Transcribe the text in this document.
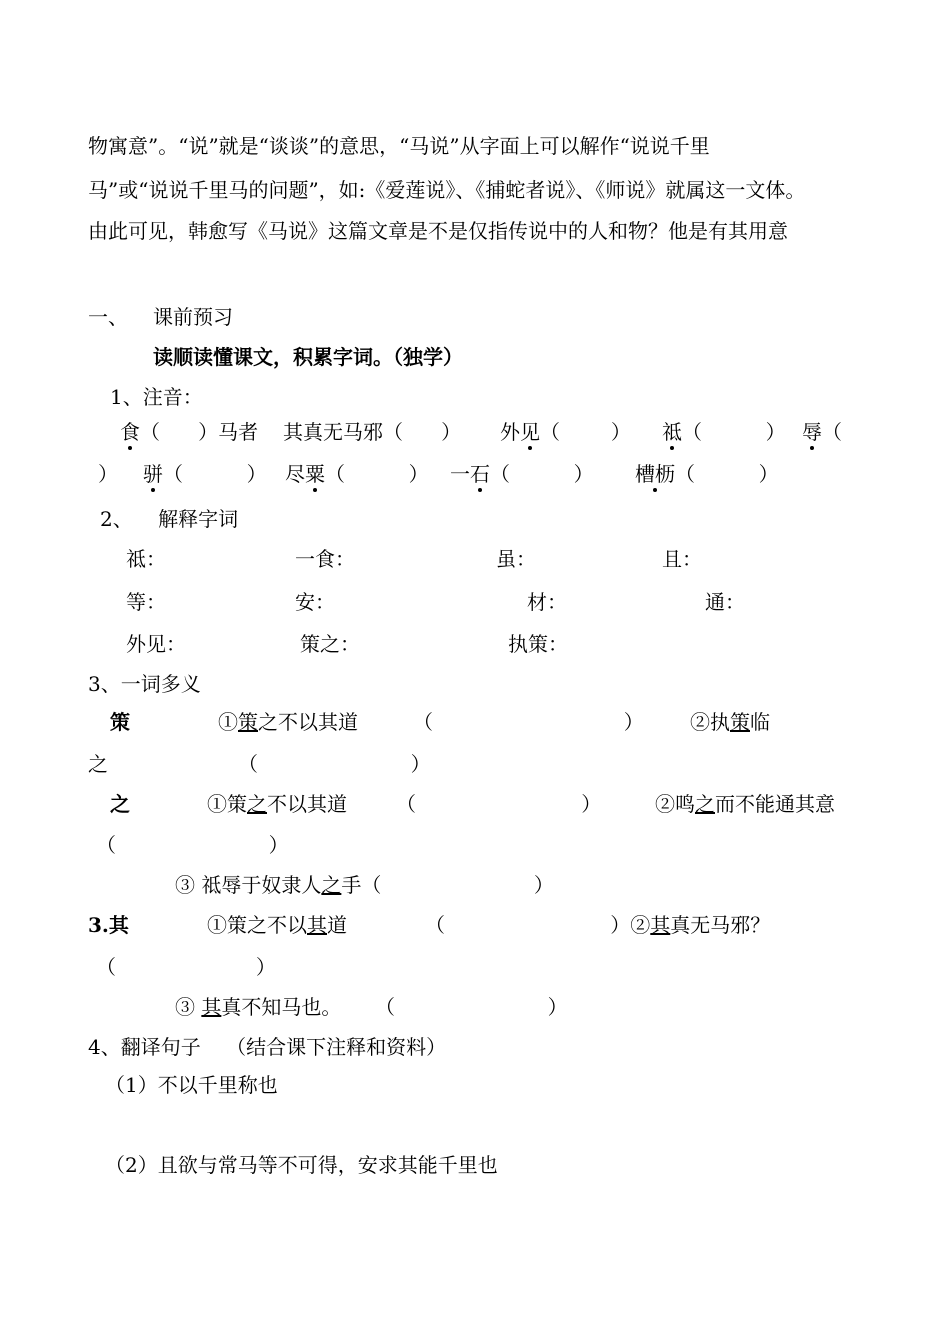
物寓意”。“说”就是“谈谈”的意思，“马说”从字面上可以解作“说说千里
马”或“说说千里马的问题”，如:《爱莲说》、《捕蛇者说》、《师说》就属这一文体。
由此可见，韩愈写《马说》这篇文章是不是仅指传说中的人和物？他是有其用意
一、 课前预习
读顺读懂课文，积累字词。（独学）
1、注音：
食（      ）马者 其真无马邪（      ） 外见（        ） 祗（          ） 辱（
） 骈（          ） 尽粟（          ） 一石（          ） 槽枥（          ）
2、    解释字词
祗：	一食：	虽：	且：
等：	安：	材：	通：
外见：	策之：	执策：
3、一词多义
策	①策之不以其道	（                              ） ②执策临
之	（                        ）
之	①策之不以其道 （                          ）	②鸣之而不能通其意
（                        ）
③ 祗辱于奴隶人之手（                        ）
3.其	①策之不以其道	（                          ）②其真无马邪？
（                      ）
③ 其真不知马也。 （                        ）
4、翻译句子    （结合课下注释和资料）
（1）不以千里称也
（2）且欲与常马等不可得，安求其能千里也
